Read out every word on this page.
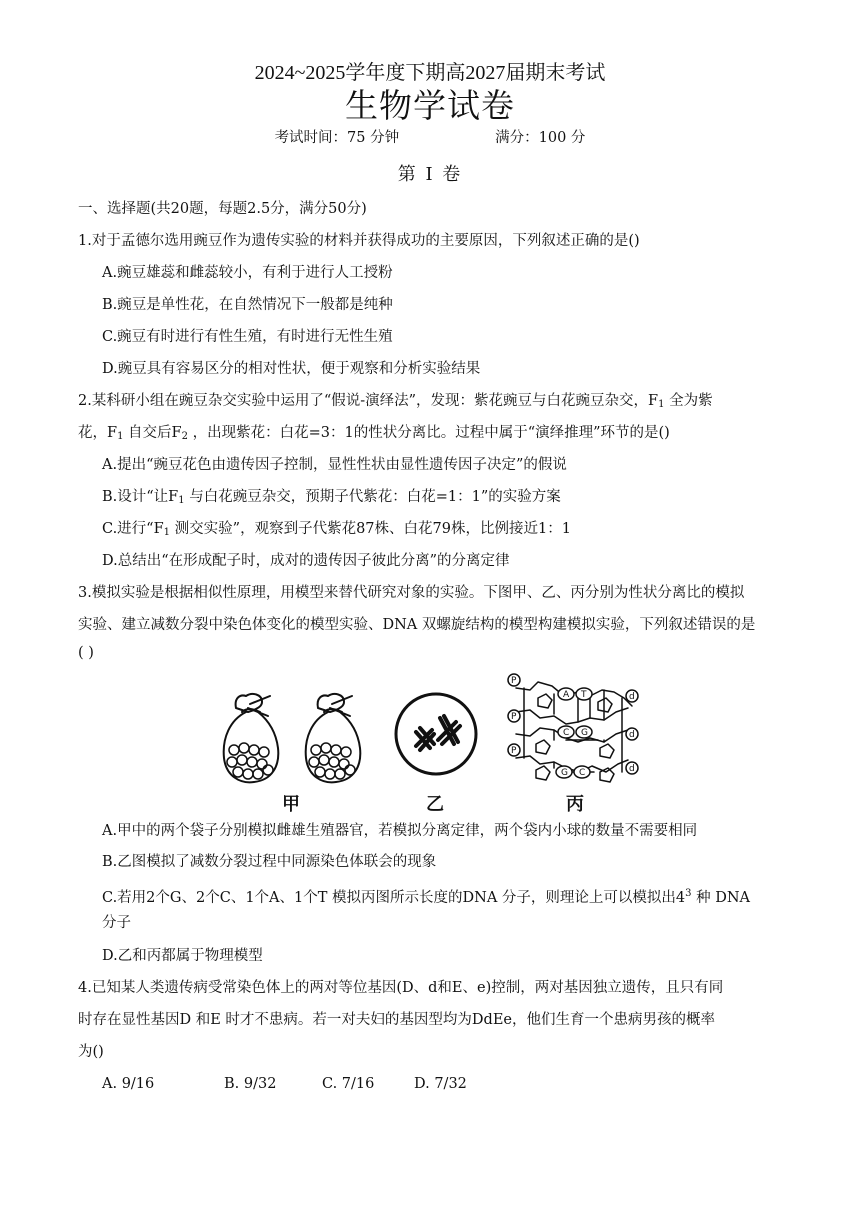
2024~2025学年度下期高2027届期末考试
生物学试卷
考试时间：75 分钟	满分：100 分
第 I 卷
一、选择题(共20题，每题2.5分，满分50分)
1.对于孟德尔选用豌豆作为遗传实验的材料并获得成功的主要原因，下列叙述正确的是()
A.豌豆雄蕊和雌蕊较小，有利于进行人工授粉
B.豌豆是单性花，在自然情况下一般都是纯种
C.豌豆有时进行有性生殖，有时进行无性生殖
D.豌豆具有容易区分的相对性状，便于观察和分析实验结果
2.某科研小组在豌豆杂交实验中运用了“假说-演绎法”，发现：紫花豌豆与白花豌豆杂交，$F_1$ 全为紫
花，$F_1$ 自交后$F_2$ ，出现紫花：白花=3：1的性状分离比。过程中属于“演绎推理”环节的是()
A.提出“豌豆花色由遗传因子控制，显性性状由显性遗传因子决定”的假说
B.设计“让$F_1$ 与白花豌豆杂交，预期子代紫花：白花=1：1”的实验方案
C.进行“$F_1$ 测交实验”，观察到子代紫花87株、白花79株，比例接近1：1
D.总结出“在形成配子时，成对的遗传因子彼此分离”的分离定律
3.模拟实验是根据相似性原理，用模型来替代研究对象的实验。下图甲、乙、丙分别为性状分离比的模拟
实验、建立减数分裂中染色体变化的模型实验、DNA 双螺旋结构的模型构建模拟实验，下列叙述错误的是
( )
P
P
P
A T
C G
G C
d
d
d
甲	乙	丙
A.甲中的两个袋子分别模拟雌雄生殖器官，若模拟分离定律，两个袋内小球的数量不需要相同
B.乙图模拟了减数分裂过程中同源染色体联会的现象
C.若用2个G、2个C、1个A、1个T 模拟丙图所示长度的DNA 分子，则理论上可以模拟出$4^3$ 种 DNA
分子
D.乙和丙都属于物理模型
4.已知某人类遗传病受常染色体上的两对等位基因(D、d和E、e)控制，两对基因独立遗传，且只有同
时存在显性基因D 和E 时才不患病。若一对夫妇的基因型均为DdEe，他们生育一个患病男孩的概率
为()
A. 9/16	B. 9/32	C. 7/16	D. 7/32
